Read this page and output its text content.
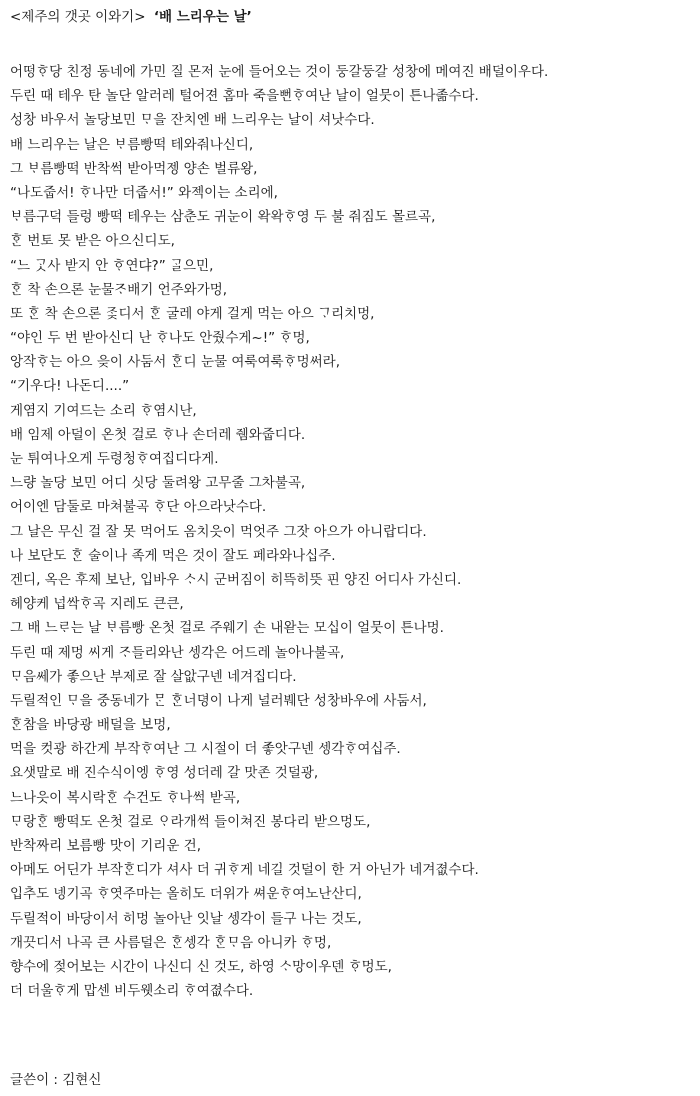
<제주의 갯곳 이와기> ‘배 느리우는 날’
어떵ᄒᆞ당 친정 동네에 가민 질 몬저 눈에 들어오는 것이 둥갈둥갈 성창에 메여진 배덜이우다.
두린 때 테우 탄 놀단 알러레 털어젼 홈마 죽을뻔ᄒᆞ여난 날이 얼뭇이 튼나졺수다.
성창 바우서 놀당보민 ᄆᆞ을 잔치엔 배 느리우는 날이 셔낫수다.
배 느리우는 날은 ᄇᆞ름빵떡 테와줘나신디,
그 ᄇᆞ름빵떡 반착썩 받아먹젱 양손 벌류왕,
“나도줍서! ᄒᆞ나만 더줍서!” 와젝이는 소리에,
ᄇᆞ름구덕 들렁 빵떡 테우는 삼춘도 귀눈이 왁왁ᄒᆞ영 두 불 줘짐도 몰르곡,
ᄒᆞᆫ 번토 못 받은 아으신디도,
“느 ᄀᆞᆺ사 받지 안 ᄒᆞ연댜?” ᄀᆞᆯ으민,
ᄒᆞᆫ 착 손으론 눈물ᄌᆞ배기 언주와가멍,
또 ᄒᆞᆫ 착 손으론 ᄌᆞᆽ디서 ᄒᆞᆫ 굴레 야게 걸게 먹는 아으 ᄀᆞ리치멍,
“야인 두 번 받아신디 난 ᄒᆞ나도 안줬수게~!” ᄒᆞ멍,
앙작ᄒᆞ는 아으 읒이 사둠서 ᄒᆞᆫ디 눈물 여룩여룩ᄒᆞ멍써라,
“기우다! 나돈디....”
게염지 기여드는 소리 ᄒᆞ염시난,
배 임제 아덜이 온첫 걸로 ᄒᆞ나 손더레 쥄와줍디다.
눈 튀여나오게 두령청ᄒᆞ여집디다게.
느량 놀당 보민 어디 싯당 둘려왕 고무줄 그차불곡,
어이엔 담둘로 마쳐불곡 ᄒᆞ단 아으라낫수다.
그 날은 무신 걸 잘 못 먹어도 옴치읏이 먹엇주 그잣 아으가 아니랍디다.
나 보단도 ᄒᆞᆫ 술이나 족게 먹은 것이 잘도 페라와나십주.
겐디, 옥은 후제 보난, 입바우 ᄉᆞ시 군버짐이 히뜩히뜻 핀 양진 어디사 가신디.
헤양케 넙싹ᄒᆞ곡 지레도 큰큰,
그 배 느ᄅᆞ는 날 ᄇᆞ름빵 온첫 걸로 주웨기 손 내왇는 모십이 얼뭇이 튼나멍.
두린 때 제멍 씨게 ᄌᆞ들리와난 셍각은 어드레 놀아나불곡,
ᄆᆞ음쎄가 좋으난 부제로 잘 살앖구넨 네겨집디다.
두릴적인 ᄆᆞ을 중동네가 ᄆᆞᆫ ᄒᆞᆫ너뎡이 나게 널러붸단 성창바우에 사둠서,
ᄒᆞᆫ참을 바당광 배덜을 보멍,
먹을 컷광 하간게 부작ᄒᆞ여난 그 시절이 더 좋앗구넨 셍각ᄒᆞ여십주.
요샛말로 배 진수식이엥 ᄒᆞ영 성더레 갈 맛존 것덜광,
느나읏이 복시락ᄒᆞᆫ 수건도 ᄒᆞ나썩 받곡,
ᄆᆞ랑ᄒᆞᆫ 빵떡도 온첫 걸로 ᄋᆞ라개썩 들이쳐진 봉다리 받으멍도,
반착짜리 보름빵 맛이 기리운 건,
아메도 어딘가 부작ᄒᆞᆫ디가 셔사 더 귀ᄒᆞ게 네길 것덜이 한 거 아닌가 네겨졊수다.
입추도 넹기곡 ᄒᆞ엿주마는 올히도 더위가 쎠운ᄒᆞ여노난산디,
두릴적이 바당이서 히멍 놀아난 잇날 셍각이 들구 나는 것도,
개끗디서 나곡 큰 사름덜은 ᄒᆞᆫ셍각 ᄒᆞᆫᄆᆞ음 아니카 ᄒᆞ멍,
향수에 젖어보는 시간이 나신디 신 것도, 하영 ᄉᆞ망이우덴 ᄒᆞ멍도,
더 더울ᄒᆞ게 맙센 비두웻소리 ᄒᆞ여졊수다.
글쓴이 : 김현신
